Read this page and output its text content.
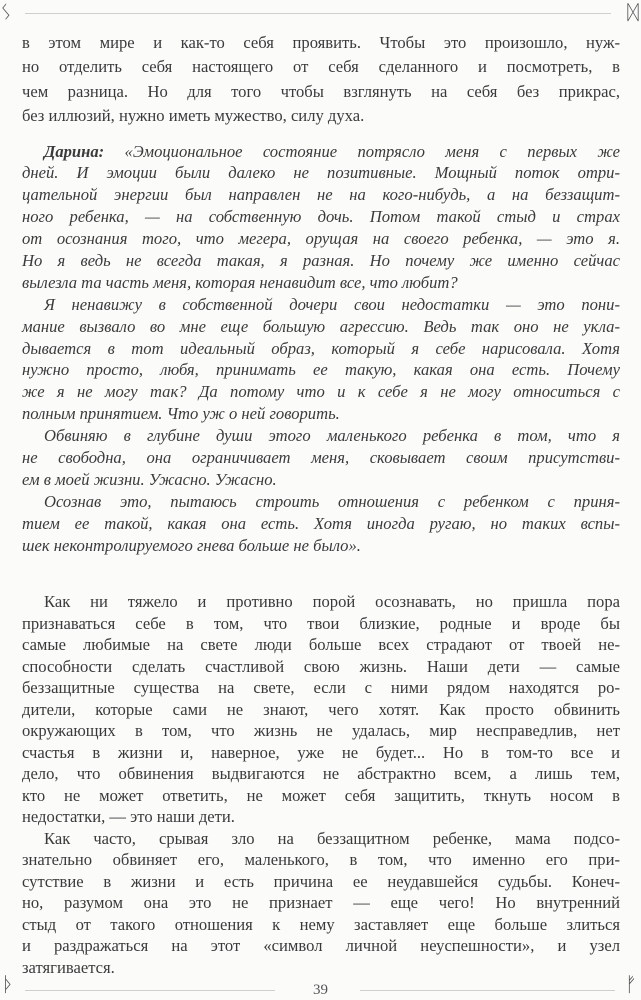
ᛊ	ᛞ
в этом мире и как-то себя проявить. Чтобы это произошло, нуж-
но отделить себя настоящего от себя сделанного и посмотреть, в
чем разница. Но для того чтобы взглянуть на себя без прикрас,
без иллюзий, нужно иметь мужество, силу духа.
Дарина: «Эмоциональное состояние потрясло меня с первых же
дней. И эмоции были далеко не позитивные. Мощный поток отри-
цательной энергии был направлен не на кого-нибудь, а на беззащит-
ного ребенка, — на собственную дочь. Потом такой стыд и страх
от осознания того, что мегера, орущая на своего ребенка, — это я.
Но я ведь не всегда такая, я разная. Но почему же именно сейчас
вылезла та часть меня, которая ненавидит все, что любит?
Я ненавижу в собственной дочери свои недостатки — это пони-
мание вызвало во мне еще большую агрессию. Ведь так оно не укла-
дывается в тот идеальный образ, который я себе нарисовала. Хотя
нужно просто, любя, принимать ее такую, какая она есть. Почему
же я не могу так? Да потому что и к себе я не могу относиться с
полным принятием. Что уж о ней говорить.
Обвиняю в глубине души этого маленького ребенка в том, что я
не свободна, она ограничивает меня, сковывает своим присутстви-
ем в моей жизни. Ужасно. Ужасно.
Осознав это, пытаюсь строить отношения с ребенком с приня-
тием ее такой, какая она есть. Хотя иногда ругаю, но таких вспы-
шек неконтролируемого гнева больше не было».
Как ни тяжело и противно порой осознавать, но пришла пора
признаваться себе в том, что твои близкие, родные и вроде бы
самые любимые на свете люди больше всех страдают от твоей не-
способности сделать счастливой свою жизнь. Наши дети — самые
беззащитные существа на свете, если с ними рядом находятся ро-
дители, которые сами не знают, чего хотят. Как просто обвинить
окружающих в том, что жизнь не удалась, мир несправедлив, нет
счастья в жизни и, наверное, уже не будет... Но в том-то все и
дело, что обвинения выдвигаются не абстрактно всем, а лишь тем,
кто не может ответить, не может себя защитить, ткнуть носом в
недостатки, — это наши дети.
Как часто, срывая зло на беззащитном ребенке, мама подсо-
знательно обвиняет его, маленького, в том, что именно его при-
сутствие в жизни и есть причина ее неудавшейся судьбы. Конеч-
но, разумом она это не признает — еще чего! Но внутренний
стыд от такого отношения к нему заставляет еще больше злиться
и раздражаться на этот «символ личной неуспешности», и узел
затягивается.
ᚦ	ᚠ
39
